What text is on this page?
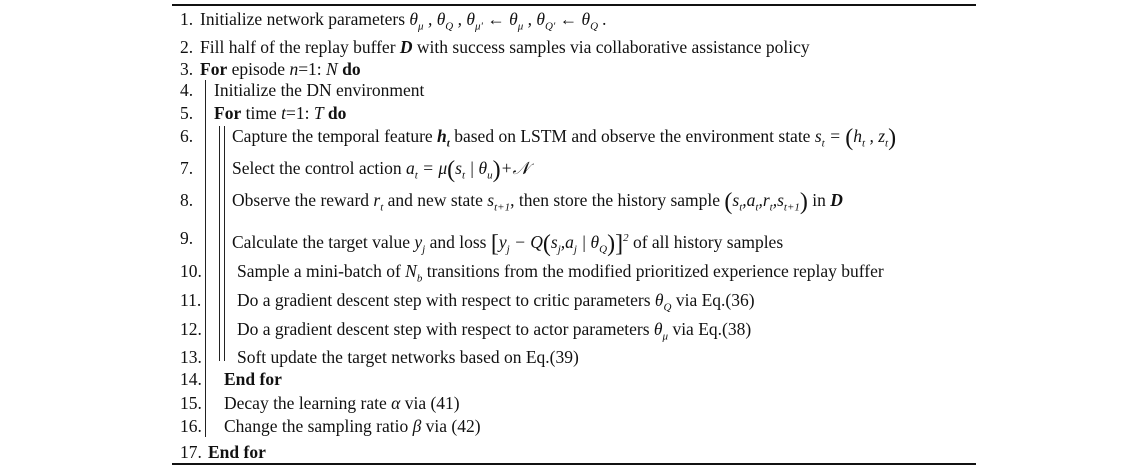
1. Initialize network parameters $\theta_\mu$ , $\theta_Q$ , $\theta_{\mu'}$ ← $\theta_\mu$ , $\theta_{Q'}$ ← $\theta_Q$ .
2. Fill half of the replay buffer D with success samples via collaborative assistance policy
3. For episode n=1: N do
4. Initialize the DN environment
5. For time t=1: T do
6. Capture the temporal feature $h_t$ based on LSTM and observe the environment state $s_t = (h_t$ , $z_t$)
7. Select the control action $a_t = \mu(s_t$ | $\theta_u)+𝒩$
8. Observe the reward $r_t$ and new state $s_{t+1}$, then store the history sample $(s_t,a_t,r_t,s_{t+1})$ in D
9. Calculate the target value $y_j$ and loss [$y_j - Q(s_j,a_j$ | $\theta_Q)]^2$ of all history samples
10. Sample a mini-batch of $N_b$ transitions from the modified prioritized experience replay buffer
11. Do a gradient descent step with respect to critic parameters $\theta_Q$ via Eq.(36)
12. Do a gradient descent step with respect to actor parameters $\theta_\mu$ via Eq.(38)
13. Soft update the target networks based on Eq.(39)
14. End for
15. Decay the learning rate α via (41)
16. Change the sampling ratio β via (42)
17. End for
